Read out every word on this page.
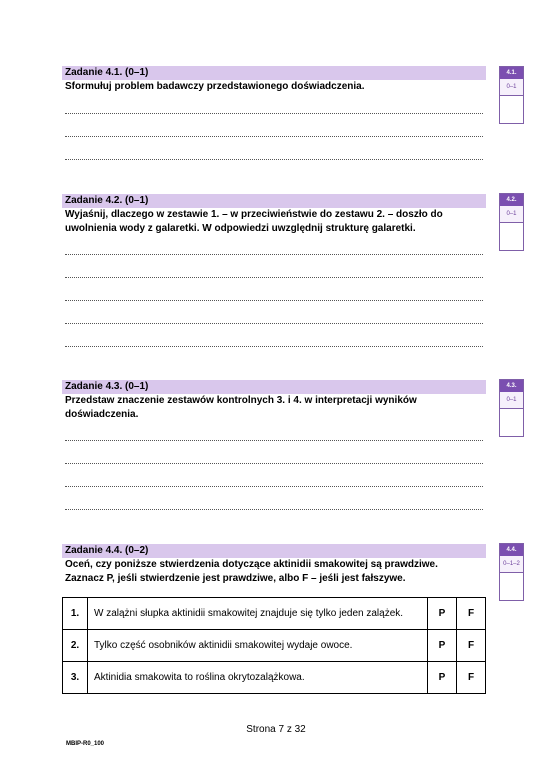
Zadanie 4.1. (0–1)
Sformułuj problem badawczy przedstawionego doświadczenia.
4.1.
0–1
Zadanie 4.2. (0–1)
Wyjaśnij, dlaczego w zestawie 1. – w przeciwieństwie do zestawu 2. – doszło do
uwolnienia wody z galaretki. W odpowiedzi uwzględnij strukturę galaretki.
4.2.
0–1
Zadanie 4.3. (0–1)
Przedstaw znaczenie zestawów kontrolnych 3. i 4. w interpretacji wyników
doświadczenia.
4.3.
0–1
Zadanie 4.4. (0–2)
Oceń, czy poniższe stwierdzenia dotyczące aktinidii smakowitej są prawdziwe.
Zaznacz P, jeśli stwierdzenie jest prawdziwe, albo F – jeśli jest fałszywe.
4.4.
0–1–2
1.	W zalążni słupka aktinidii smakowitej znajduje się tylko jeden zalążek.	P	F
2.	Tylko część osobników aktinidii smakowitej wydaje owoce.	P	F
3.	Aktinidia smakowita to roślina okrytozalążkowa.	P	F
Strona 7 z 32
MBIP-R0_100
